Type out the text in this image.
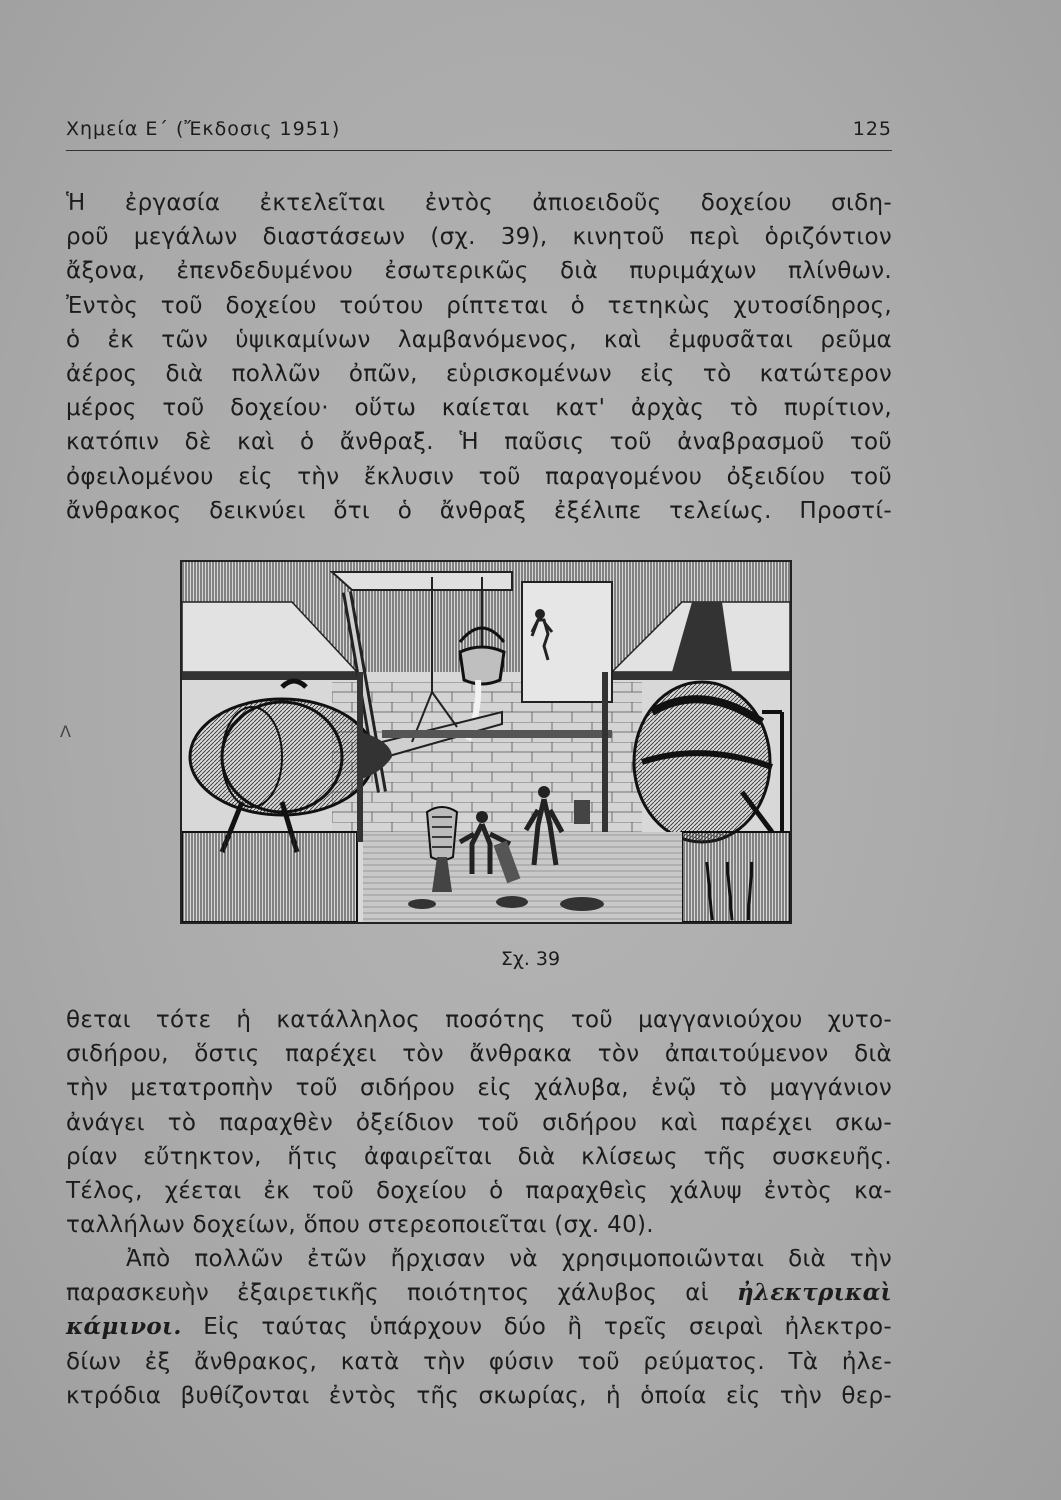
Χημεία Ε΄ (Ἔκδοσις 1951)	125
Ἡ ἐργασία ἐκτελεῖται ἐντὸς ἀπιοειδοῦς δοχείου σιδη-
ροῦ μεγάλων διαστάσεων (σχ. 39), κινητοῦ περὶ ὁριζόντιον
ἄξονα, ἐπενδεδυμένου ἐσωτερικῶς διὰ πυριμάχων πλίνθων.
Ἐντὸς τοῦ δοχείου τούτου ρίπτεται ὁ τετηκὼς χυτοσίδηρος,
ὁ ἐκ τῶν ὑψικαμίνων λαμβανόμενος, καὶ ἐμφυσᾶται ρεῦμα
ἀέρος διὰ πολλῶν ὀπῶν, εὑρισκομένων εἰς τὸ κατώτερον
μέρος τοῦ δοχείου· οὕτω καίεται κατ' ἀρχὰς τὸ πυρίτιον,
κατόπιν δὲ καὶ ὁ ἄνθραξ. Ἡ παῦσις τοῦ ἀναβρασμοῦ τοῦ
ὀφειλομένου εἰς τὴν ἔκλυσιν τοῦ παραγομένου ὀξειδίου τοῦ
ἄνθρακος δεικνύει ὅτι ὁ ἄνθραξ ἐξέλιπε τελείως. Προστί-
Λ
Σχ. 39
θεται τότε ἡ κατάλληλος ποσότης τοῦ μαγγανιούχου χυτο-
σιδήρου, ὅστις παρέχει τὸν ἄνθρακα τὸν ἀπαιτούμενον διὰ
τὴν μετατροπὴν τοῦ σιδήρου εἰς χάλυβα, ἐνῷ τὸ μαγγάνιον
ἀνάγει τὸ παραχθὲν ὀξείδιον τοῦ σιδήρου καὶ παρέχει σκω-
ρίαν εὔτηκτον, ἥτις ἀφαιρεῖται διὰ κλίσεως τῆς συσκευῆς.
Τέλος, χέεται ἐκ τοῦ δοχείου ὁ παραχθεὶς χάλυψ ἐντὸς κα-
ταλλήλων δοχείων, ὅπου στερεοποιεῖται (σχ. 40).
Ἀπὸ πολλῶν ἐτῶν ἤρχισαν νὰ χρησιμοποιῶνται διὰ τὴν
παρασκευὴν ἐξαιρετικῆς ποιότητος χάλυβος αἱ ἠλεκτρικαὶ
κάμινοι. Εἰς ταύτας ὑπάρχουν δύο ἢ τρεῖς σειραὶ ἠλεκτρο-
δίων ἐξ ἄνθρακος, κατὰ τὴν φύσιν τοῦ ρεύματος. Τὰ ἠλε-
κτρόδια βυθίζονται ἐντὸς τῆς σκωρίας, ἡ ὁποία εἰς τὴν θερ-
